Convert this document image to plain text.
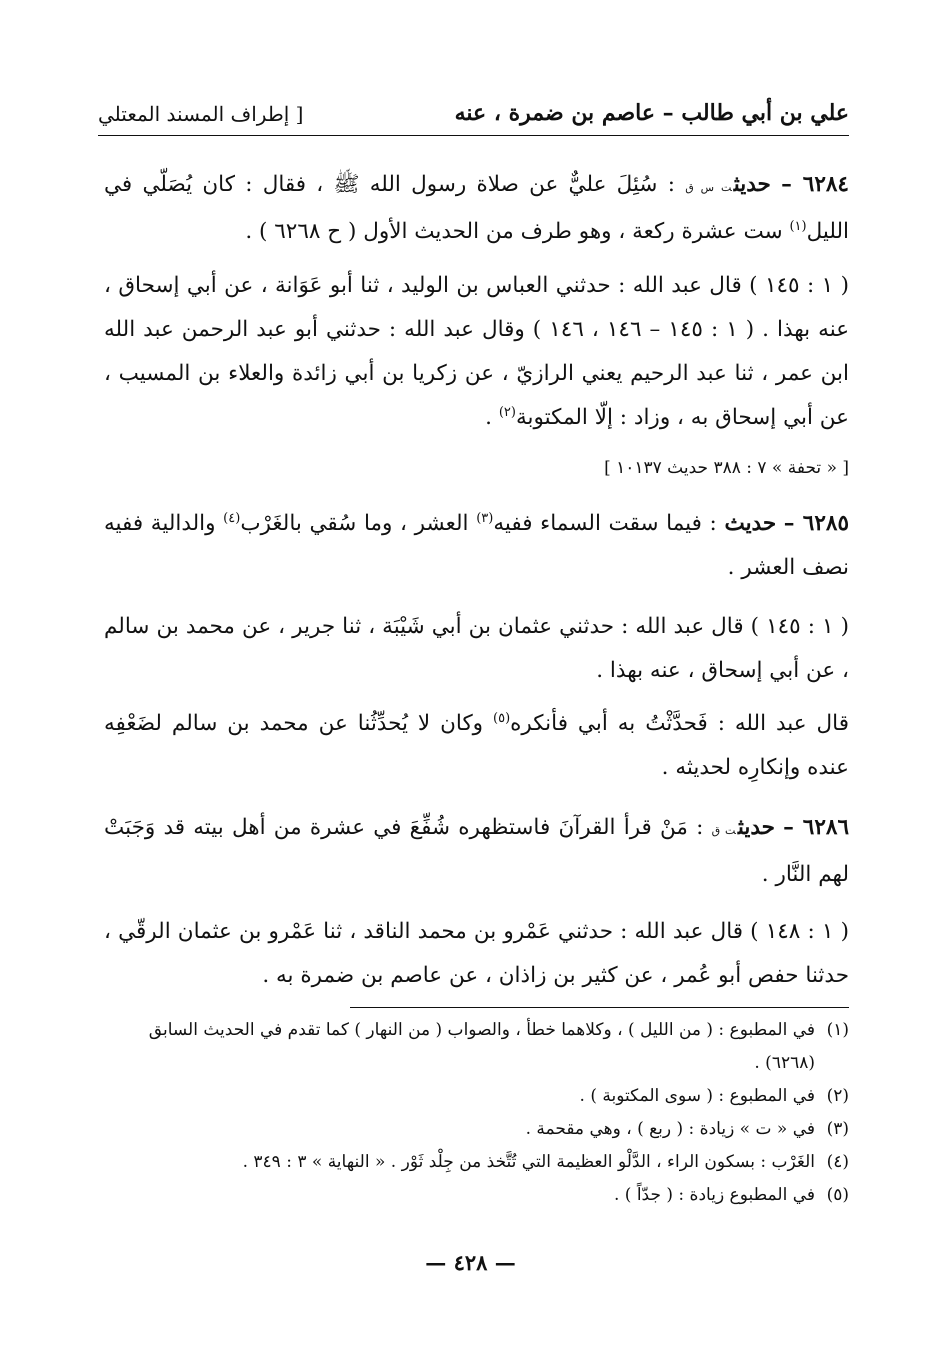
علي بن أبي طالب – عاصم بن ضمرة ، عنه
[ إطراف المسند المعتلي
٦٢٨٤ – حديثت س ق : سُئِلَ عليٌّ عن صلاة رسول الله ﷺ ، فقال : كان يُصَلّي في الليل$^{(١)}$ ست عشرة ركعة ، وهو طرف من الحديث الأول ( ح ٦٢٦٨ ) .
( ١ : ١٤٥ ) قال عبد الله : حدثني العباس بن الوليد ، ثنا أبو عَوَانة ، عن أبي إسحاق ، عنه بهذا . ( ١ : ١٤٥ – ١٤٦ ، ١٤٦ ) وقال عبد الله : حدثني أبو عبد الرحمن عبد الله ابن عمر ، ثنا عبد الرحيم يعني الرازيّ ، عن زكريا بن أبي زائدة والعلاء بن المسيب ، عن أبي إسحاق به ، وزاد : إلّا المكتوبة$^{(٢)}$ .
[ « تحفة » ٧ : ٣٨٨ حديث ١٠١٣٧ ]
٦٢٨٥ – حديث : فيما سقت السماء ففيه$^{(٣)}$ العشر ، وما سُقي بالغَرْب$^{(٤)}$ والدالية ففيه نصف العشر .
( ١ : ١٤٥ ) قال عبد الله : حدثني عثمان بن أبي شَيْبَة ، ثنا جرير ، عن محمد بن سالم ، عن أبي إسحاق ، عنه بهذا .
قال عبد الله : فَحدَّثْتُ به أبي فأنكره$^{(٥)}$ وكان لا يُحدِّثُنا عن محمد بن سالم لضَعْفِه عنده وإنكارِه لحديثه .
٦٢٨٦ – حديثت ق : مَنْ قرأ القرآنَ فاستظهره شُفِّعَ في عشرة من أهل بيته قد وَجَبَتْ لهم النَّار .
( ١ : ١٤٨ ) قال عبد الله : حدثني عَمْرو بن محمد الناقد ، ثنا عَمْرو بن عثمان الرقّي ، حدثنا حفص أبو عُمر ، عن كثير بن زاذان ، عن عاصم بن ضمرة به .
(١)
في المطبوع : ( من الليل ) ، وكلاهما خطأ ، والصواب ( من النهار ) كما تقدم في الحديث السابق (٦٢٦٨) .
(٢)
في المطبوع : ( سوى المكتوبة ) .
(٣)
في « ت » زيادة : ( ربع ) ، وهي مقحمة .
(٤)
الغَرْب : بسكون الراء ، الدَّلْو العظيمة التي تُتَّخذ من جِلْد ثَوْر . « النهاية » ٣ : ٣٤٩ .
(٥)
في المطبوع زيادة : ( جدّاً ) .
— ٤٢٨ —
